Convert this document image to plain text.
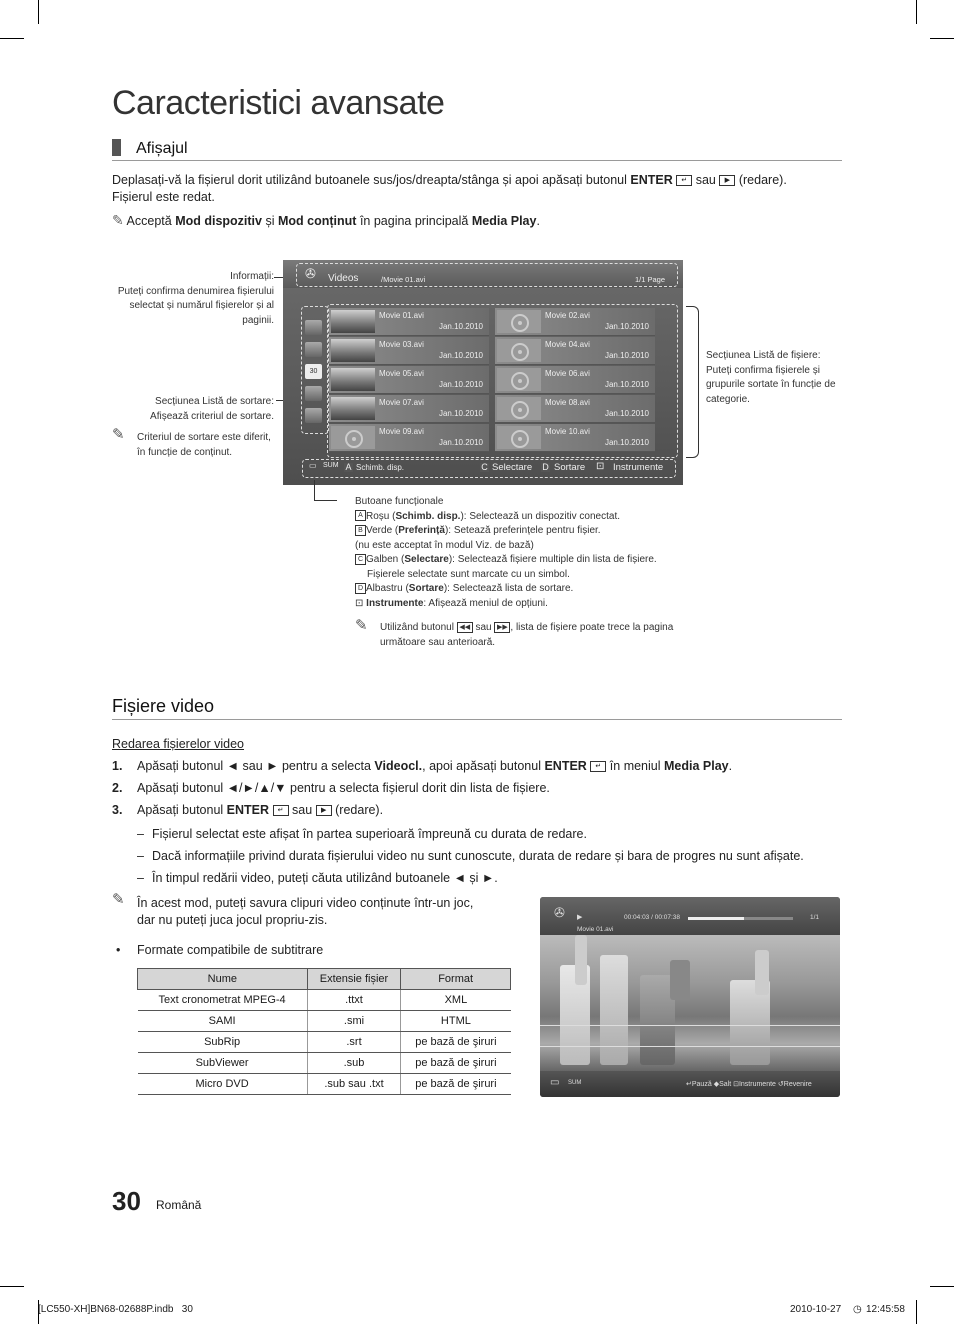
Caracteristici avansate
Afișajul
Deplasați-vă la fișierul dorit utilizând butoanele sus/jos/dreapta/stânga și apoi apăsați butonul ENTER ↵ sau ▶ (redare).
Fișierul este redat.
✎ Acceptă Mod dispozitiv și Mod conținut în pagina principală Media Play.
Informații:
Puteți confirma denumirea fișierului selectat și numărul fișierelor și al paginii.
Secțiunea Listă de sortare:
Afișează criteriul de sortare.
✎ Criteriul de sortare este diferit, în funcție de conținut.
✇ Videos	/Movie 01.avi	1/1 Page
30
Movie 01.avi
Jan.10.2010
Movie 02.avi
Jan.10.2010
Movie 03.avi
Jan.10.2010
Movie 04.avi
Jan.10.2010
Movie 05.avi
Jan.10.2010
Movie 06.avi
Jan.10.2010
Movie 07.avi
Jan.10.2010
Movie 08.avi
Jan.10.2010
Movie 09.avi
Jan.10.2010
Movie 10.avi
Jan.10.2010
▭ SUM A Schimb. disp.	C Selectare D Sortare ⊡ Instrumente
Secțiunea Listă de fișiere:
Puteți confirma fișierele și grupurile sortate în funcție de categorie.
Butoane funcționale
A Roșu (Schimb. disp.): Selectează un dispozitiv conectat.
B Verde (Preferință): Setează preferințele pentru fișier.
(nu este acceptat în modul Viz. de bază)
C Galben (Selectare): Selectează fișiere multiple din lista de fișiere.
Fișierele selectate sunt marcate cu un simbol.
D Albastru (Sortare): Selectează lista de sortare.
⊡ Instrumente: Afișează meniul de opțiuni.
✎ Utilizând butonul ◀◀ sau ▶▶ , lista de fișiere poate trece la pagina
următoare sau anterioară.
Fișiere video
Redarea fișierelor video
1. Apăsați butonul ◄ sau ► pentru a selecta Videocl., apoi apăsați butonul ENTER ↵ în meniul Media Play.
2. Apăsați butonul ◄/►/▲/▼ pentru a selecta fișierul dorit din lista de fișiere.
3. Apăsați butonul ENTER ↵ sau ▶ (redare).
– Fișierul selectat este afișat în partea superioară împreună cu durata de redare.
– Dacă informațiile privind durata fișierului video nu sunt cunoscute, durata de redare și bara de progres nu sunt afișate.
– În timpul redării video, puteți căuta utilizând butoanele ◄ și ►.
✎ În acest mod, puteți savura clipuri video conținute într-un joc,
dar nu puteți juca jocul propriu-zis.
• Formate compatibile de subtitrare
Nume	Extensie fișier	Format
Text cronometrat MPEG-4	.ttxt	XML
SAMI	.smi	HTML
SubRip	.srt	pe bază de şiruri
SubViewer	.sub	pe bază de şiruri
Micro DVD	.sub sau .txt	pe bază de şiruri
✇ ▶	00:04:03 / 00:07:38	1/1
Movie 01.avi
▭ SUM	↵Pauză ◆Salt ⊡Instrumente ↺Revenire
30 Română
[LC550-XH]BN68-02688P.indb   30	2010-10-27 ◷ 12:45:58
